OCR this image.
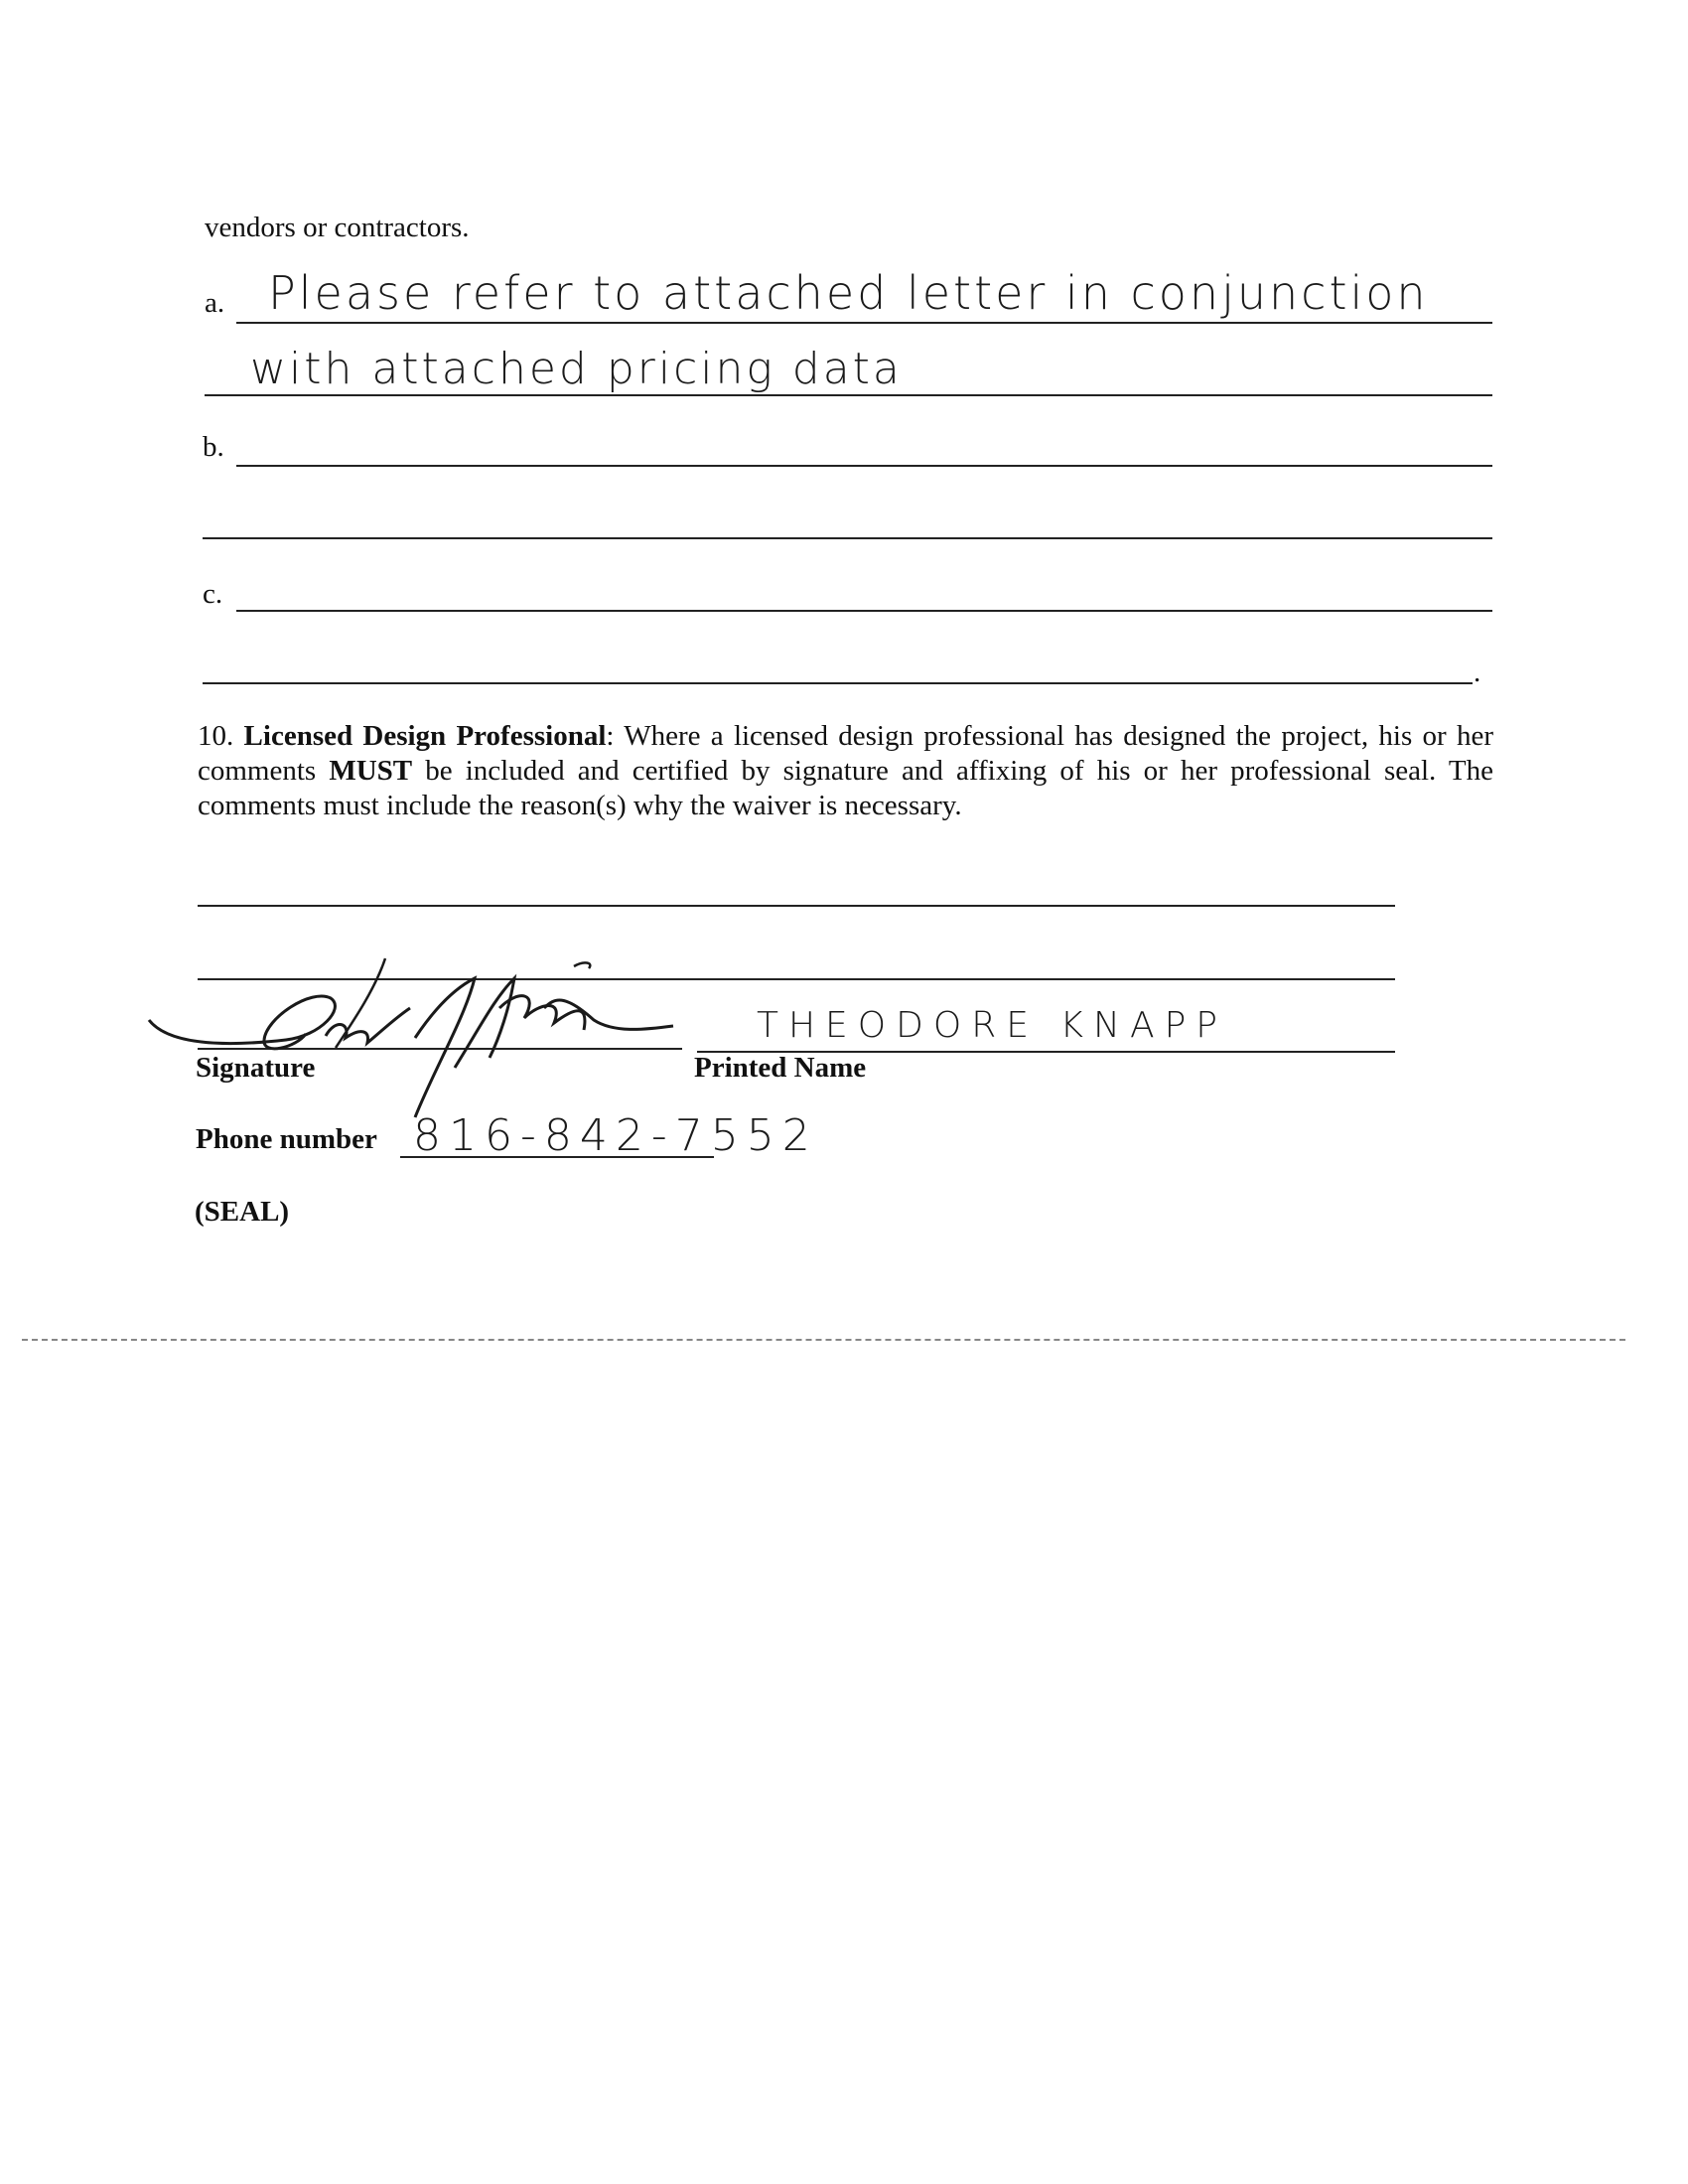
vendors or contractors.
a. Please refer to attached letter in conjunction
with attached pricing data
b.
c.
.
10. Licensed Design Professional: Where a licensed design professional has designed the project, his or her comments MUST be included and certified by signature and affixing of his or her professional seal. The comments must include the reason(s) why the waiver is necessary.
THEODORE KNAPP
Signature	Printed Name
Phone number 816-842-7552
(SEAL)
